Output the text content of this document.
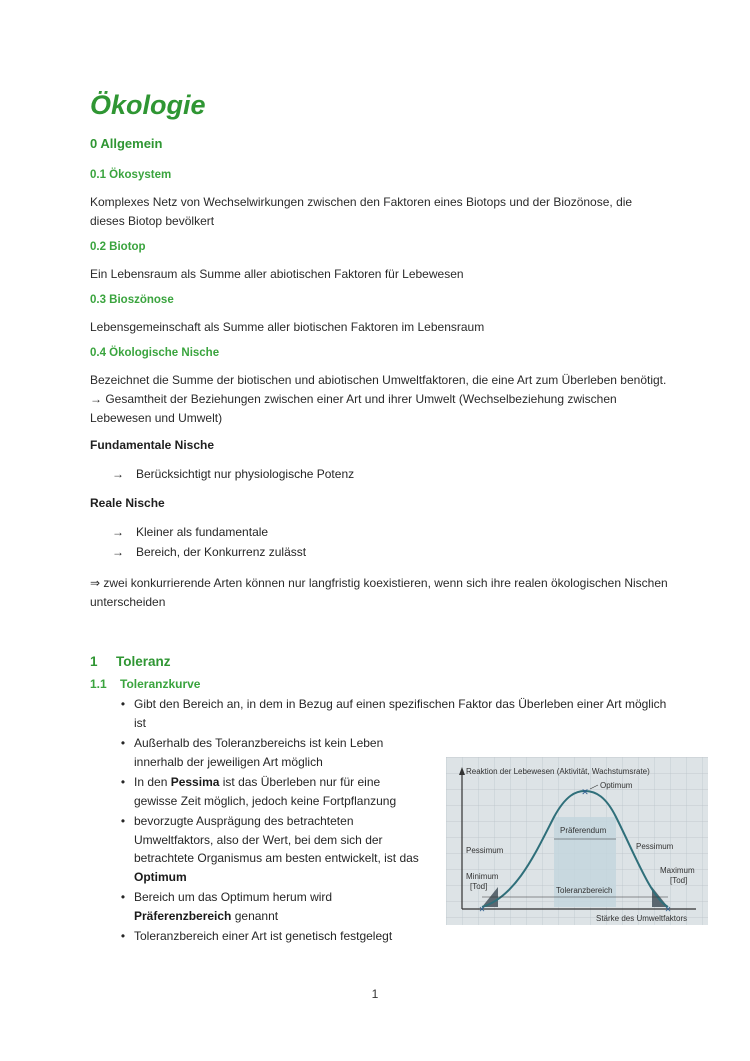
Ökologie
0 Allgemein
0.1 Ökosystem
Komplexes Netz von Wechselwirkungen zwischen den Faktoren eines Biotops und der Biozönose, die dieses Biotop bevölkert
0.2 Biotop
Ein Lebensraum als Summe aller abiotischen Faktoren für Lebewesen
0.3 Bioszönose
Lebensgemeinschaft als Summe aller biotischen Faktoren im Lebensraum
0.4 Ökologische Nische
Bezeichnet die Summe der biotischen und abiotischen Umweltfaktoren, die eine Art zum Überleben benötigt. → Gesamtheit der Beziehungen zwischen einer Art und ihrer Umwelt (Wechselbeziehung zwischen Lebewesen und Umwelt)
Fundamentale Nische
→	Berücksichtigt nur physiologische Potenz
Reale Nische
→	Kleiner als fundamentale
→	Bereich, der Konkurrenz zulässt
⇒ zwei konkurrierende Arten können nur langfristig koexistieren, wenn sich ihre realen ökologischen Nischen unterscheiden
1	Toleranz
1.1	Toleranzkurve
• Gibt den Bereich an, in dem in Bezug auf einen spezifischen Faktor das Überleben einer Art möglich ist
• Außerhalb des Toleranzbereichs ist kein Leben innerhalb der jeweiligen Art möglich
• In den Pessima ist das Überleben nur für eine gewisse Zeit möglich, jedoch keine Fortpflanzung
• bevorzugte Ausprägung des betrachteten Umweltfaktors, also der Wert, bei dem sich der betrachtete Organismus am besten entwickelt, ist das Optimum
• Bereich um das Optimum herum wird Präferenzbereich genannt
• Toleranzbereich einer Art ist genetisch festgelegt
✕
✕	✕
Reaktion der Lebewesen (Aktivität, Wachstumsrate)
Optimum
Präferendum
Pessimum	Pessimum
Minimum
[Tod]
Maximum
[Tod]
Toleranzbereich
Stärke des Umweltfaktors
1
